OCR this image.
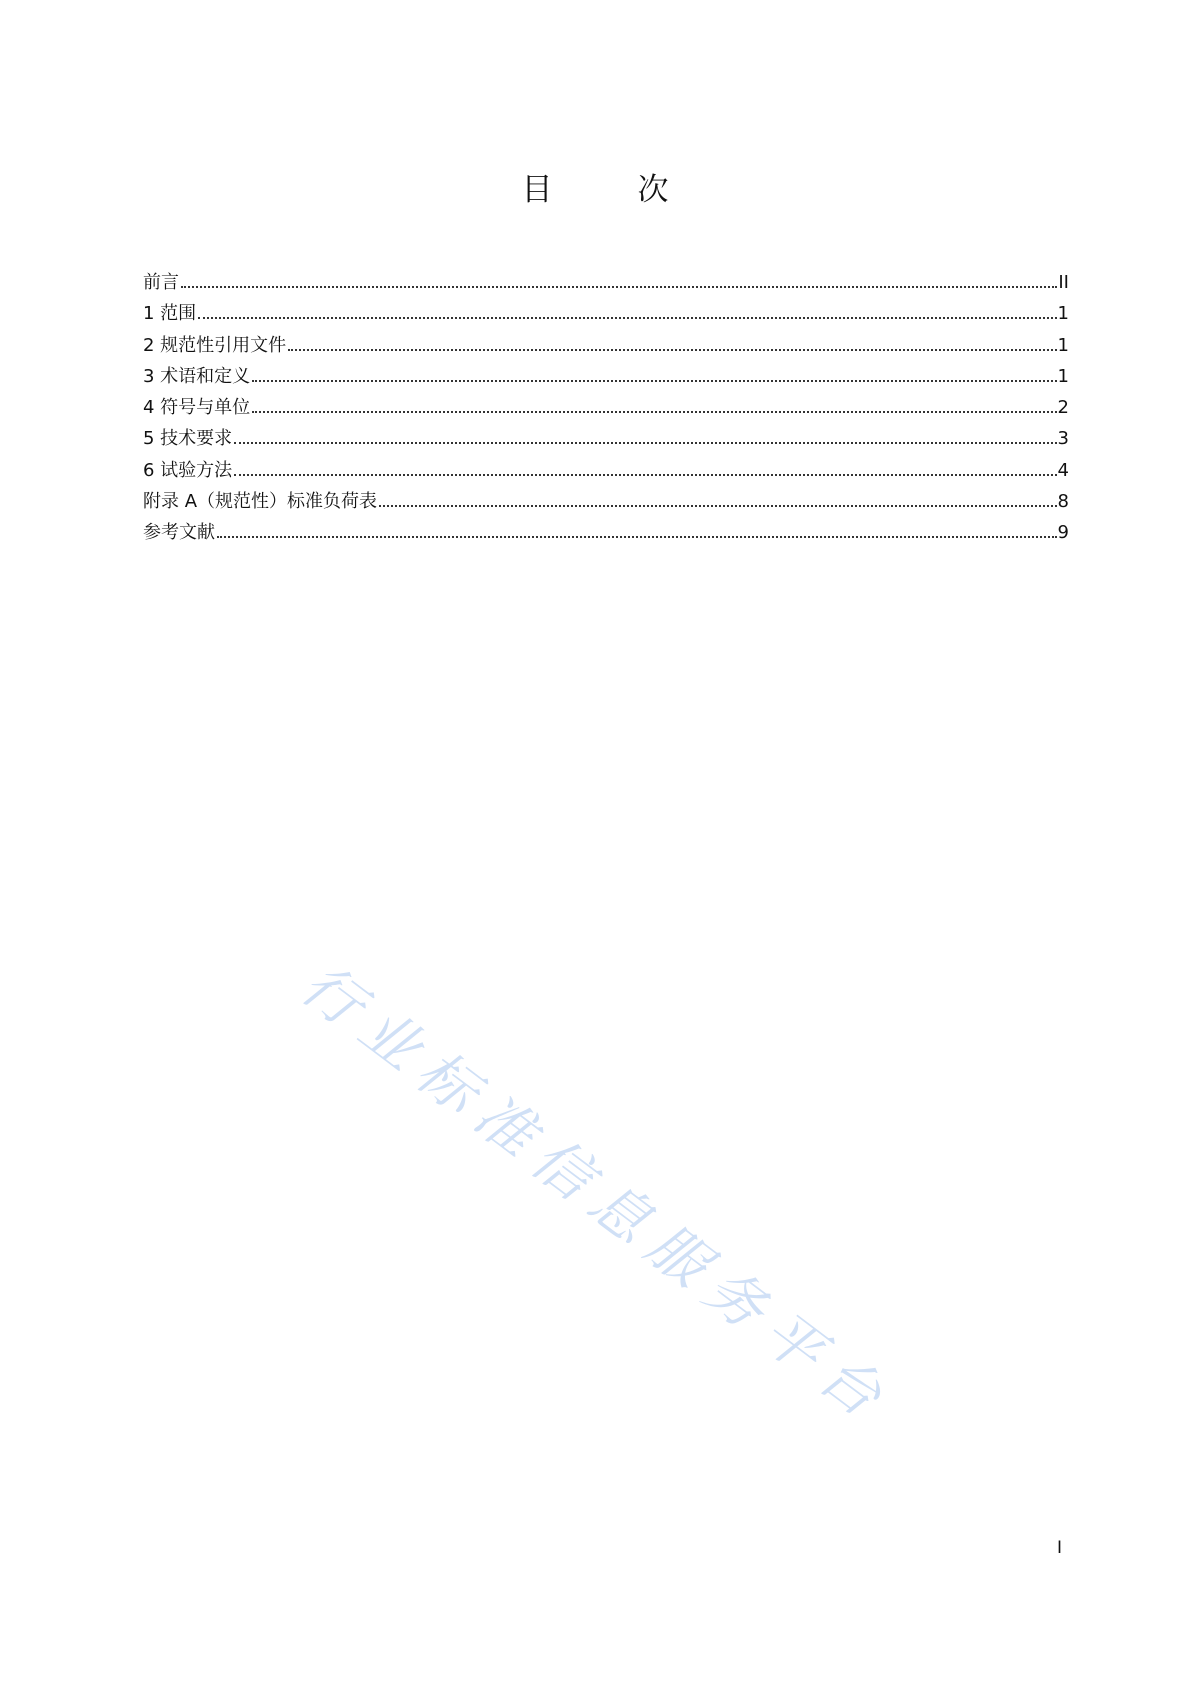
目　次
前言	II
1 范围	1
2 规范性引用文件	1
3 术语和定义	1
4 符号与单位	2
5 技术要求	3
6 试验方法	4
附录 A（规范性）标准负荷表	8
参考文献	9
行业标准信息服务平台
I
